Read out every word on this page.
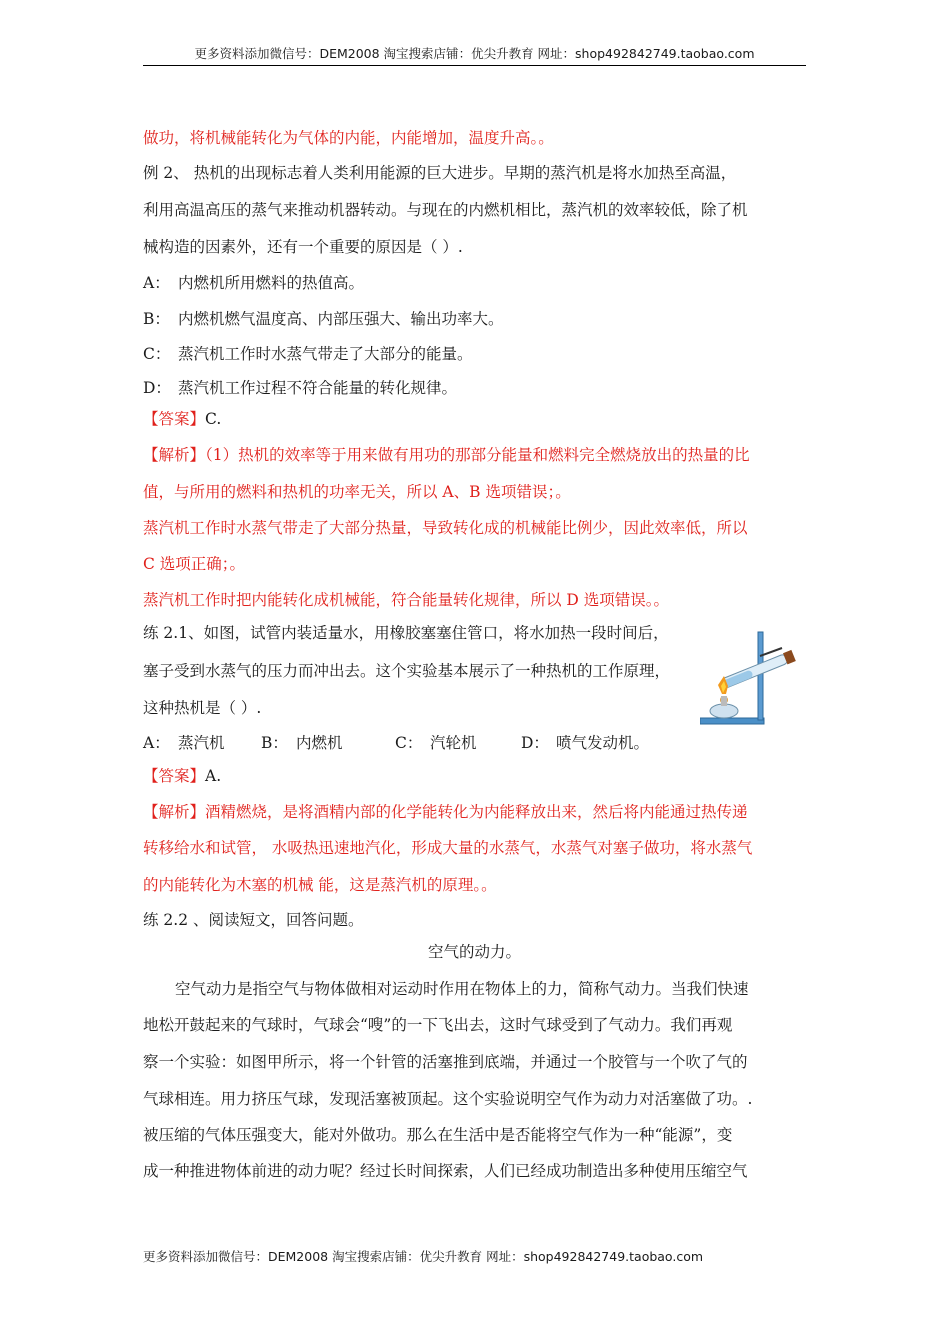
更多资料添加微信号：DEM2008 淘宝搜索店铺：优尖升教育 网址：shop492842749.taobao.com
做功，将机械能转化为气体的内能，内能增加，温度升高。。
例 2、 热机的出现标志着人类利用能源的巨大进步。早期的蒸汽机是将水加热至高温，
利用高温高压的蒸气来推动机器转动。与现在的内燃机相比，蒸汽机的效率较低，除了机
械构造的因素外，还有一个重要的原因是（ ）.
A： 内燃机所用燃料的热值高。
B： 内燃机燃气温度高、内部压强大、输出功率大。
C： 蒸汽机工作时水蒸气带走了大部分的能量。
D： 蒸汽机工作过程不符合能量的转化规律。
【答案】C.
【解析】（1）热机的效率等于用来做有用功的那部分能量和燃料完全燃烧放出的热量的比
值，与所用的燃料和热机的功率无关，所以 A、B 选项错误；。
蒸汽机工作时水蒸气带走了大部分热量，导致转化成的机械能比例少，因此效率低，所以
C 选项正确；。
蒸汽机工作时把内能转化成机械能，符合能量转化规律，所以 D 选项错误。。
练 2.1、如图，试管内装适量水，用橡胶塞塞住管口，将水加热一段时间后，
塞子受到水蒸气的压力而冲出去。这个实验基本展示了一种热机的工作原理，
这种热机是（ ）.
A： 蒸汽机 B： 内燃机	C： 汽轮机	D： 喷气发动机。
【答案】A.
【解析】酒精燃烧，是将酒精内部的化学能转化为内能释放出来，然后将内能通过热传递
转移给水和试管， 水吸热迅速地汽化，形成大量的水蒸气，水蒸气对塞子做功，将水蒸气
的内能转化为木塞的机械 能，这是蒸汽机的原理。。
练 2.2 、阅读短文，回答问题。
空气的动力。
空气动力是指空气与物体做相对运动时作用在物体上的力，简称气动力。当我们快速
地松开鼓起来的气球时，气球会“嗖”的一下飞出去，这时气球受到了气动力。我们再观
察一个实验：如图甲所示，将一个针管的活塞推到底端，并通过一个胶管与一个吹了气的
气球相连。用力挤压气球，发现活塞被顶起。这个实验说明空气作为动力对活塞做了功。.
被压缩的气体压强变大，能对外做功。那么在生活中是否能将空气作为一种“能源”，变
成一种推进物体前进的动力呢？经过长时间探索，人们已经成功制造出多种使用压缩空气
更多资料添加微信号：DEM2008 淘宝搜索店铺：优尖升教育 网址：shop492842749.taobao.com
